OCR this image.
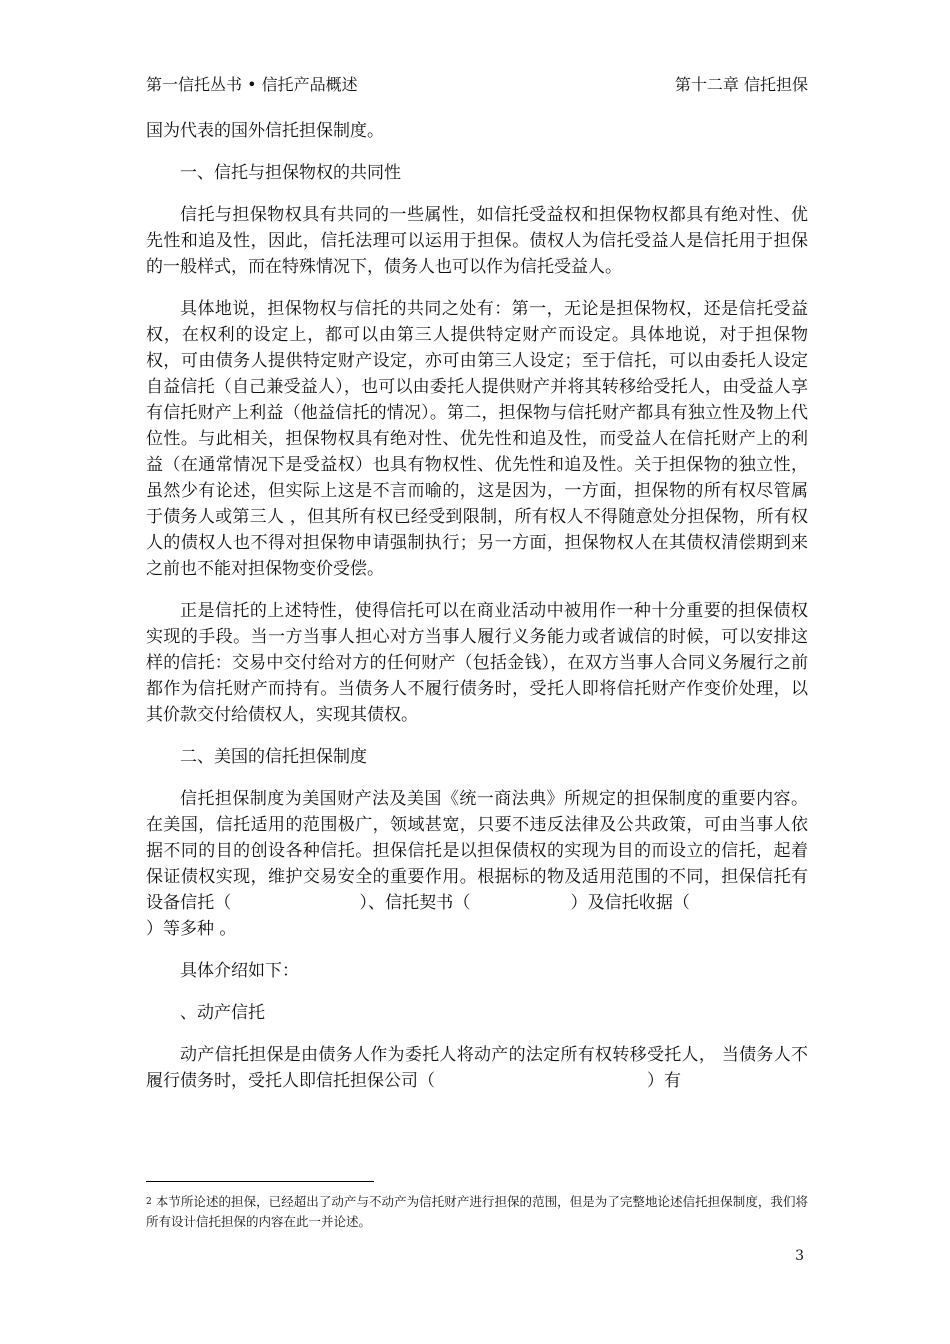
第一信托丛书 • 信托产品概述	第十二章 信托担保

国为代表的国外信托担保制度。

一、信托与担保物权的共同性

信托与担保物权具有共同的一些属性，如信托受益权和担保物权都具有绝对性、优先性和追及性，因此，信托法理可以运用于担保。债权人为信托受益人是信托用于担保的一般样式，而在特殊情况下，债务人也可以作为信托受益人。

具体地说，担保物权与信托的共同之处有：第一，无论是担保物权，还是信托受益权，在权利的设定上，都可以由第三人提供特定财产而设定。具体地说，对于担保物权，可由债务人提供特定财产设定，亦可由第三人设定；至于信托，可以由委托人设定自益信托（自己兼受益人），也可以由委托人提供财产并将其转移给受托人，由受益人享有信托财产上利益（他益信托的情况）。第二，担保物与信托财产都具有独立性及物上代位性。与此相关，担保物权具有绝对性、优先性和追及性，而受益人在信托财产上的利益（在通常情况下是受益权）也具有物权性、优先性和追及性。关于担保物的独立性，虽然少有论述，但实际上这是不言而喻的，这是因为，一方面，担保物的所有权尽管属于债务人或第三人 ，但其所有权已经受到限制，所有权人不得随意处分担保物，所有权人的债权人也不得对担保物申请强制执行；另一方面，担保物权人在其债权清偿期到来之前也不能对担保物变价受偿。

正是信托的上述特性，使得信托可以在商业活动中被用作一种十分重要的担保债权实现的手段。当一方当事人担心对方当事人履行义务能力或者诚信的时候，可以安排这样的信托：交易中交付给对方的任何财产（包括金钱），在双方当事人合同义务履行之前都作为信托财产而持有。当债务人不履行债务时，受托人即将信托财产作变价处理，以其价款交付给债权人，实现其债权。

二、美国的信托担保制度

信托担保制度为美国财产法及美国《统一商法典》所规定的担保制度的重要内容。在美国，信托适用的范围极广，领域甚宽，只要不违反法律及公共政策，可由当事人依据不同的目的创设各种信托。担保信托是以担保债权的实现为目的而设立的信托，起着保证债权实现，维护交易安全的重要作用。根据标的物及适用范围的不同，担保信托有设备信托（	）、信托契书（	）及信托收据（）等多种 。

具体介绍如下：

、动产信托

动产信托担保是由债务人作为委托人将动产的法定所有权转移受托人， 当债务人不履行债务时，受托人即信托担保公司（	）有

$^2$ 本节所论述的担保，已经超出了动产与不动产为信托财产进行担保的范围，但是为了完整地论述信托担保制度，我们将所有设计信托担保的内容在此一并论述。
3
